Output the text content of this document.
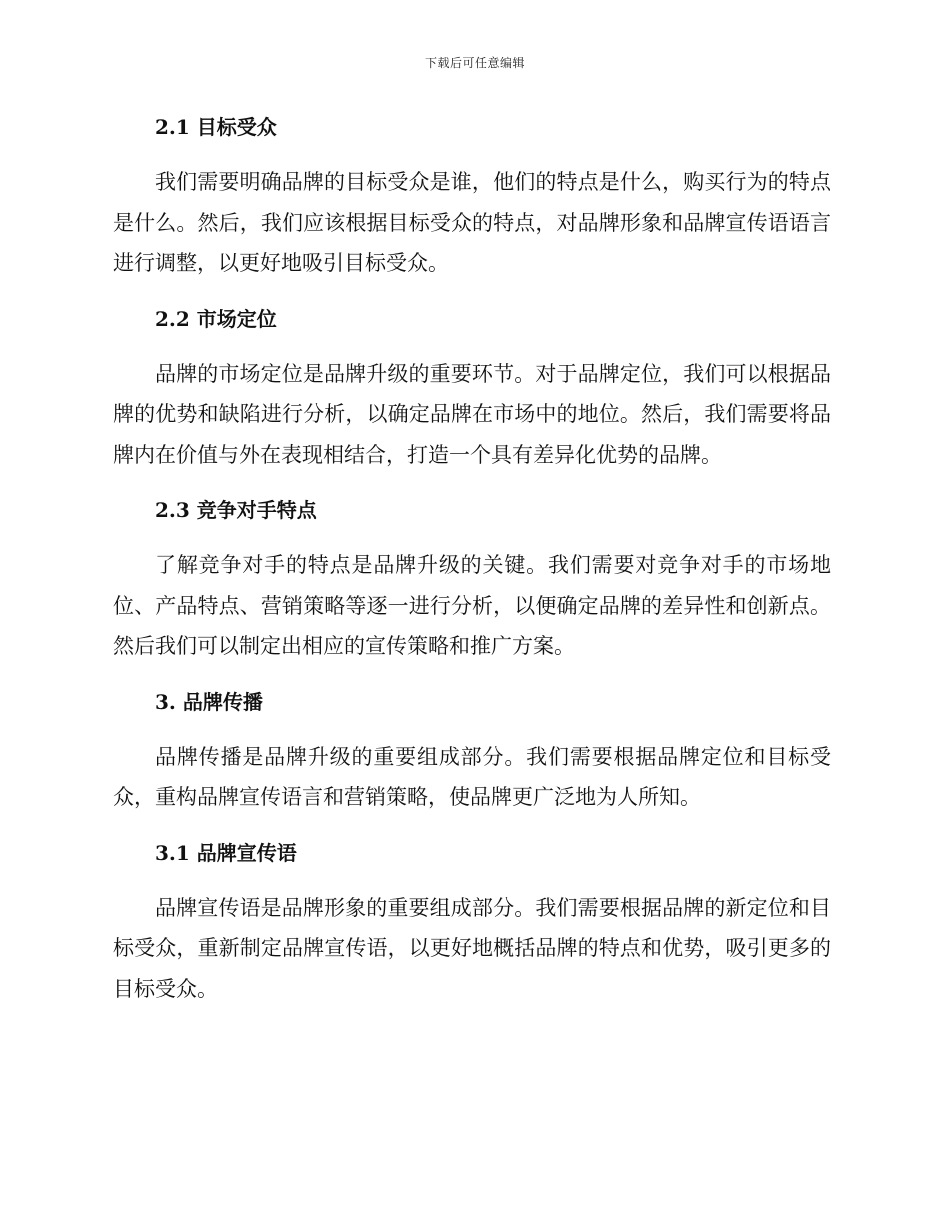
下载后可任意编辑
2.1 目标受众

我们需要明确品牌的目标受众是谁，他们的特点是什么，购买行为的特点是什么。然后，我们应该根据目标受众的特点，对品牌形象和品牌宣传语语言进行调整，以更好地吸引目标受众。

2.2 市场定位

品牌的市场定位是品牌升级的重要环节。对于品牌定位，我们可以根据品牌的优势和缺陷进行分析，以确定品牌在市场中的地位。然后，我们需要将品牌内在价值与外在表现相结合，打造一个具有差异化优势的品牌。

2.3 竞争对手特点

了解竞争对手的特点是品牌升级的关键。我们需要对竞争对手的市场地位、产品特点、营销策略等逐一进行分析，以便确定品牌的差异性和创新点。然后我们可以制定出相应的宣传策略和推广方案。

3. 品牌传播

品牌传播是品牌升级的重要组成部分。我们需要根据品牌定位和目标受众，重构品牌宣传语言和营销策略，使品牌更广泛地为人所知。

3.1 品牌宣传语

品牌宣传语是品牌形象的重要组成部分。我们需要根据品牌的新定位和目标受众，重新制定品牌宣传语，以更好地概括品牌的特点和优势，吸引更多的目标受众。
